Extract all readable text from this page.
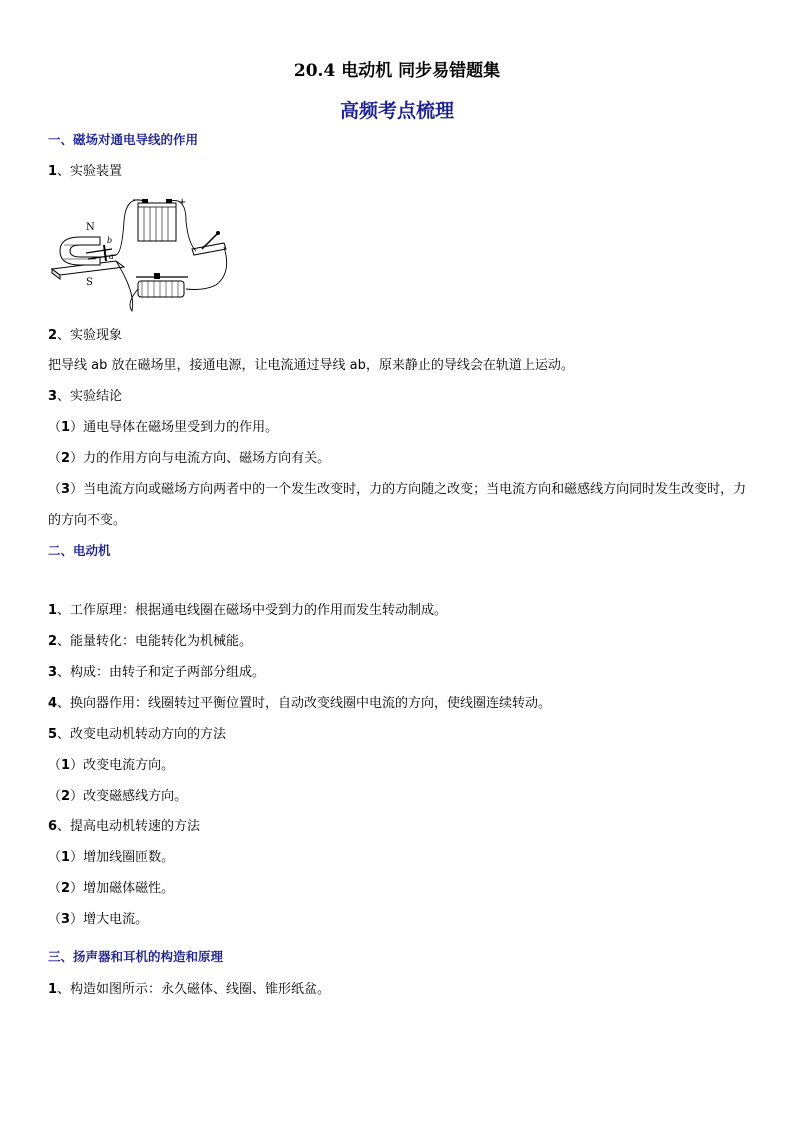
20.4 电动机 同步易错题集
高频考点梳理
一、磁场对通电导线的作用
1、实验装置
N
S
b
a
−	+
2、实验现象
把导线 ab 放在磁场里，接通电源，让电流通过导线 ab，原来静止的导线会在轨道上运动。
3、实验结论
（1）通电导体在磁场里受到力的作用。
（2）力的作用方向与电流方向、磁场方向有关。
（3）当电流方向或磁场方向两者中的一个发生改变时，力的方向随之改变；当电流方向和磁感线方向同时发生改变时，力的方向不变。
二、电动机
1、工作原理：根据通电线圈在磁场中受到力的作用而发生转动制成。
2、能量转化：电能转化为机械能。
3、构成：由转子和定子两部分组成。
4、换向器作用：线圈转过平衡位置时，自动改变线圈中电流的方向，使线圈连续转动。
5、改变电动机转动方向的方法
（1）改变电流方向。
（2）改变磁感线方向。
6、提高电动机转速的方法
（1）增加线圈匝数。
（2）增加磁体磁性。
（3）增大电流。
三、扬声器和耳机的构造和原理
1、构造如图所示：永久磁体、线圈、锥形纸盆。
